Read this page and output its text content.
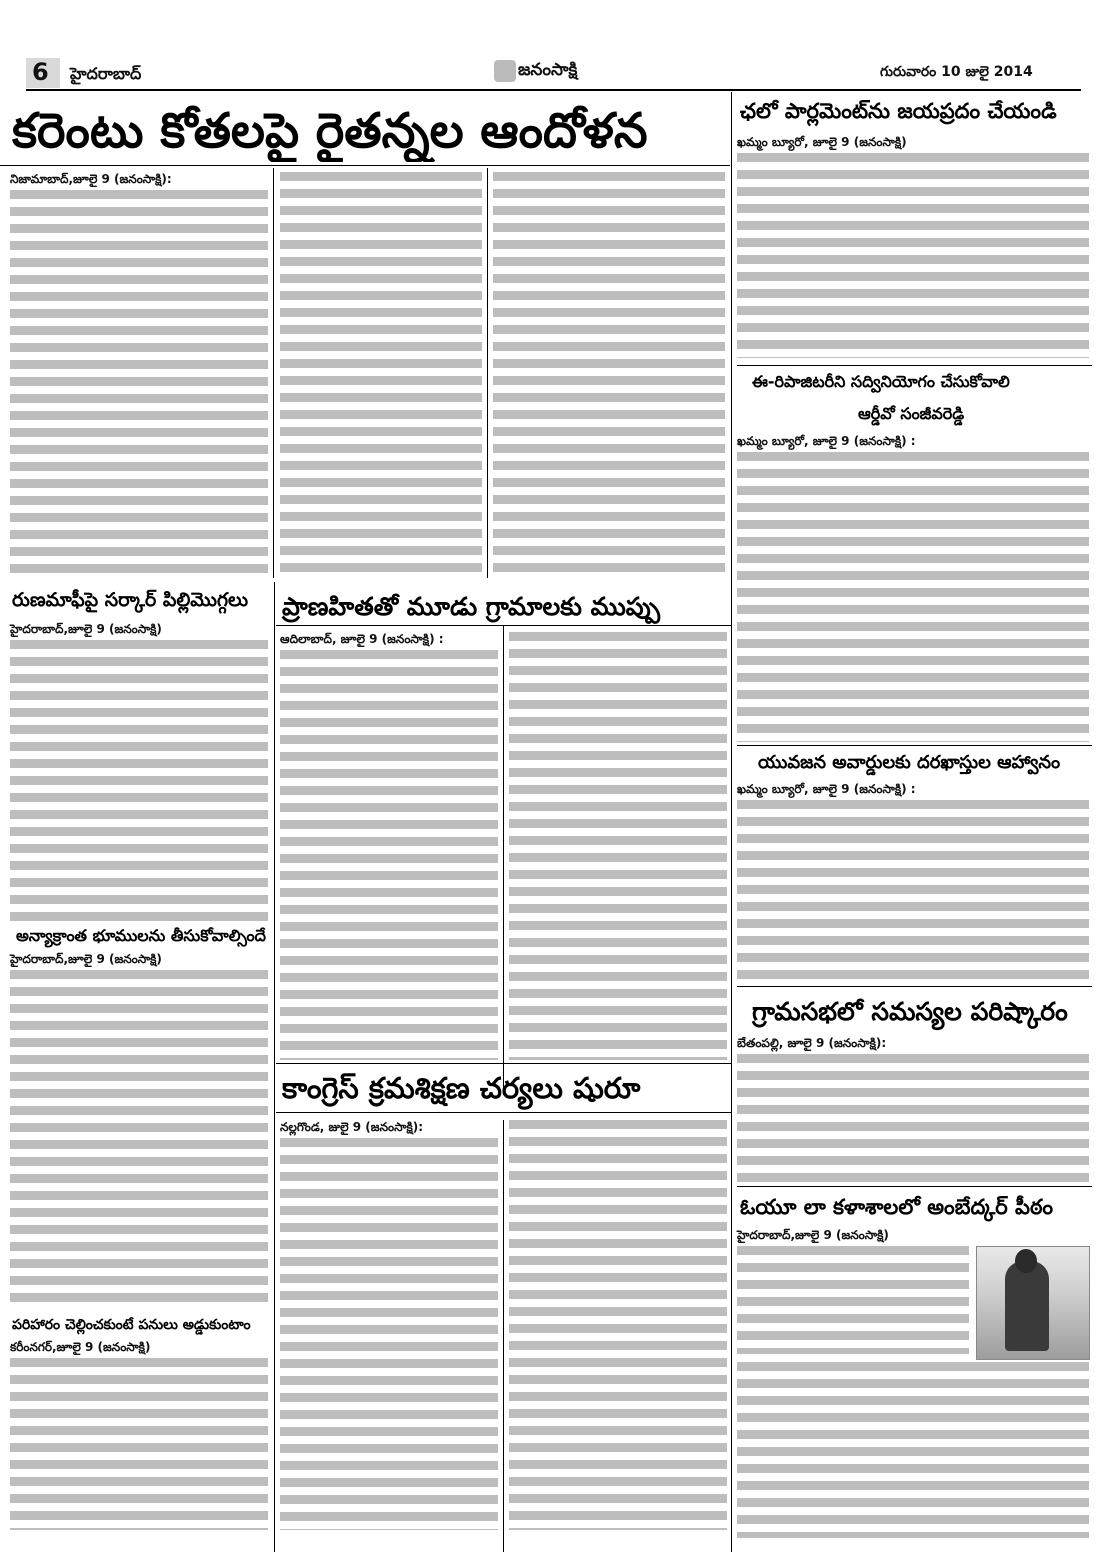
6 హైదరాబాద్	జనంసాక్షి	గురువారం 10 జులై 2014
కరెంటు కోతలపై రైతన్నల ఆందోళన
నిజామాబాద్,జూలై 9 (జనంసాక్షి):
ఛలో పార్లమెంట్‌ను జయప్రదం చేయండి
ఖమ్మం బ్యూరో, జూలై 9 (జనంసాక్షి)
ఈ-రిపాజిటరీని సద్వినియోగం చేసుకోవాలి
ఆర్డీవో సంజీవరెడ్డి
ఖమ్మం బ్యూరో, జూలై 9 (జనంసాక్షి) :
రుణమాఫీపై సర్కార్ పిల్లిమొగ్గలు
హైదరాబాద్,జూలై 9 (జనంసాక్షి)
ప్రాణహితతో మూడు గ్రామాలకు ముప్పు
ఆదిలాబాద్, జూలై 9 (జనంసాక్షి) :
యువజన అవార్డులకు దరఖాస్తుల ఆహ్వానం
ఖమ్మం బ్యూరో, జూలై 9 (జనంసాక్షి) :
అన్యాక్రాంత భూములను తీసుకోవాల్సిందే
హైదరాబాద్,జూలై 9 (జనంసాక్షి)
గ్రామసభలో సమస్యల పరిష్కారం
బేతంపల్లి, జూలై 9 (జనంసాక్షి):
కాంగ్రెస్ క్రమశిక్షణ చర్యలు షురూ
నల్లగొండ, జులై 9 (జనంసాక్షి):
ఓయూ లా కళాశాలలో అంబేద్కర్ పీఠం
హైదరాబాద్,జూలై 9 (జనంసాక్షి)
పరిహారం చెల్లించకుంటే పనులు అడ్డుకుంటాం
కరీంనగర్,జూలై 9 (జనంసాక్షి)
